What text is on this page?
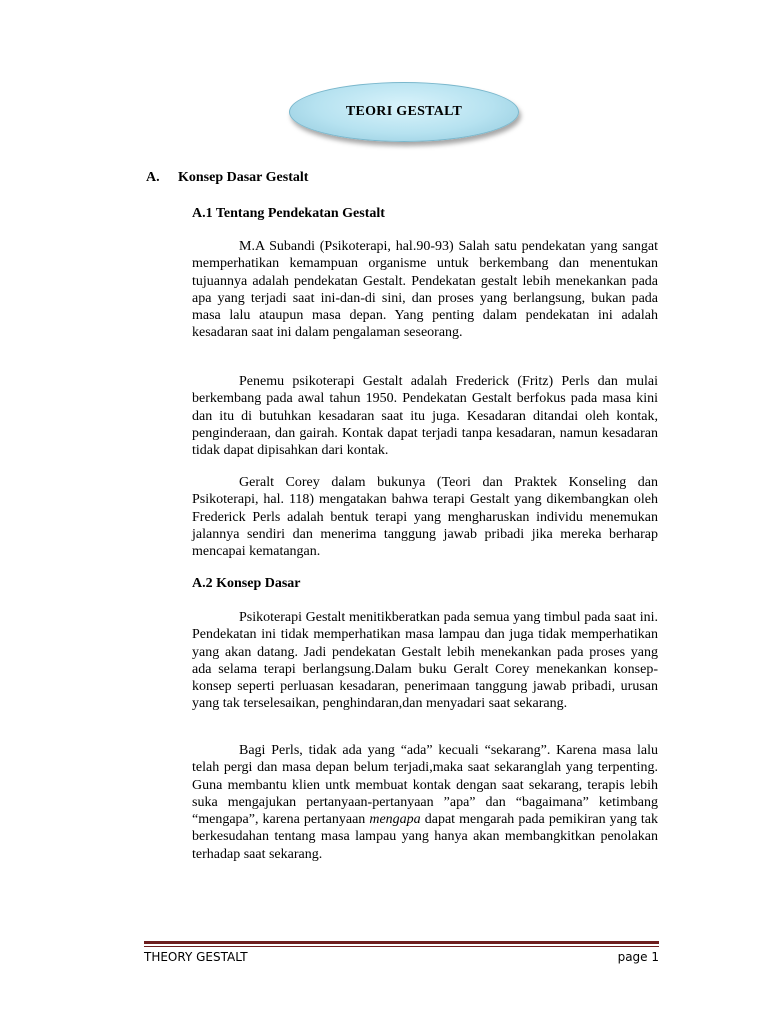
TEORI GESTALT
A. Konsep Dasar Gestalt
A.1 Tentang Pendekatan Gestalt

M.A Subandi (Psikoterapi, hal.90-93) Salah satu pendekatan yang sangat memperhatikan kemampuan organisme untuk berkembang dan menentukan tujuannya adalah pendekatan Gestalt. Pendekatan gestalt lebih menekankan pada apa yang terjadi saat ini-dan-di sini, dan proses yang berlangsung, bukan pada masa lalu ataupun masa depan. Yang penting dalam pendekatan ini adalah kesadaran saat ini dalam pengalaman seseorang.

Penemu psikoterapi Gestalt adalah Frederick (Fritz) Perls dan mulai berkembang pada awal tahun 1950. Pendekatan Gestalt berfokus pada masa kini dan itu di butuhkan kesadaran saat itu juga. Kesadaran ditandai oleh kontak, penginderaan, dan gairah. Kontak dapat terjadi tanpa kesadaran, namun kesadaran tidak dapat dipisahkan dari kontak.

Geralt Corey dalam bukunya (Teori dan Praktek Konseling dan Psikoterapi, hal. 118) mengatakan bahwa terapi Gestalt yang dikembangkan oleh Frederick Perls adalah bentuk terapi yang mengharuskan individu menemukan jalannya sendiri dan menerima tanggung jawab pribadi jika mereka berharap mencapai kematangan.

A.2 Konsep Dasar

Psikoterapi Gestalt menitikberatkan pada semua yang timbul pada saat ini. Pendekatan ini tidak memperhatikan masa lampau dan juga tidak memperhatikan yang akan datang. Jadi pendekatan Gestalt lebih menekankan pada proses yang ada selama terapi berlangsung.Dalam buku Geralt Corey menekankan konsep-konsep seperti perluasan kesadaran, penerimaan tanggung jawab pribadi, urusan yang tak terselesaikan, penghindaran,dan menyadari saat sekarang.

Bagi Perls, tidak ada yang “ada” kecuali “sekarang”. Karena masa lalu telah pergi dan masa depan belum terjadi,maka saat sekaranglah yang terpenting. Guna membantu klien untk membuat kontak dengan saat sekarang, terapis lebih suka mengajukan pertanyaan-pertanyaan ”apa” dan “bagaimana” ketimbang “mengapa”, karena pertanyaan mengapa dapat mengarah pada pemikiran yang tak berkesudahan tentang masa lampau yang hanya akan membangkitkan penolakan terhadap saat sekarang.

THEORY GESTALT	page 1
